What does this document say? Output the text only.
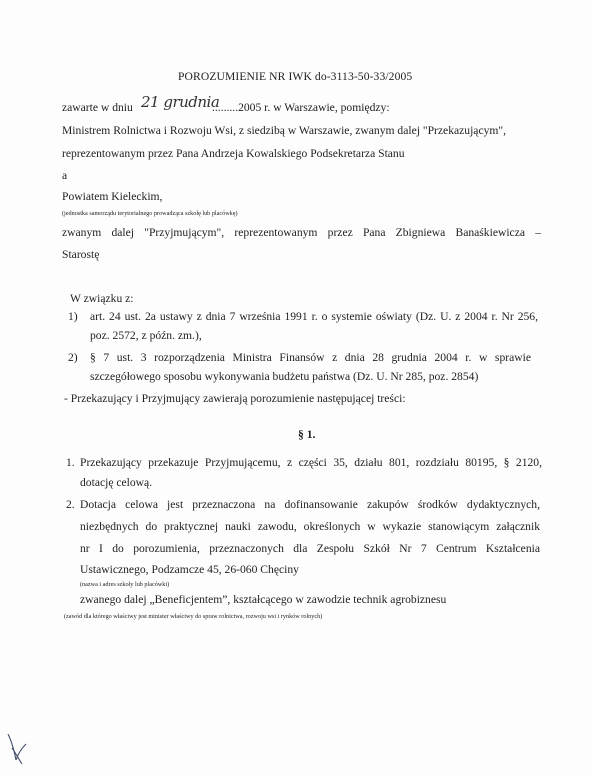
POROZUMIENIE NR IWK do-3113-50-33/2005
zawarte w dniu 21 grudnia
.........2005 r. w Warszawie, pomiędzy:
Ministrem Rolnictwa i Rozwoju Wsi, z siedzibą w Warszawie, zwanym dalej "Przekazującym",
reprezentowanym przez Pana Andrzeja Kowalskiego Podsekretarza Stanu
a
Powiatem Kieleckim,
(jednostka samorządu terytorialnego prowadząca szkołę lub placówkę)
zwanym dalej "Przyjmującym", reprezentowanym przez Pana Zbigniewa Banaśkiewicza –
Starostę
W związku z:
1) art. 24 ust. 2a ustawy z dnia 7 września 1991 r. o systemie oświaty (Dz. U. z 2004 r. Nr 256,
poz. 2572, z późn. zm.),
2) § 7 ust. 3 rozporządzenia Ministra Finansów z dnia 28 grudnia 2004 r. w sprawie
szczegółowego sposobu wykonywania budżetu państwa (Dz. U. Nr 285, poz. 2854)
- Przekazujący i Przyjmujący zawierają porozumienie następującej treści:
§ 1.
1. Przekazujący przekazuje Przyjmującemu, z części 35, działu 801, rozdziału 80195, § 2120,
dotację celową.
2. Dotacja celowa jest przeznaczona na dofinansowanie zakupów środków dydaktycznych,
niezbędnych do praktycznej nauki zawodu, określonych w wykazie stanowiącym załącznik
nr I do porozumienia, przeznaczonych dla Zespołu Szkół Nr 7 Centrum Kształcenia
Ustawicznego, Podzamcze 45, 26-060 Chęciny
(nazwa i adres szkoły lub placówki)
zwanego dalej „Beneficjentem”, kształcącego w zawodzie technik agrobiznesu
(zawód dla którego właściwy jest minister właściwy do spraw rolnictwa, rozwoju wsi i rynków rolnych)
